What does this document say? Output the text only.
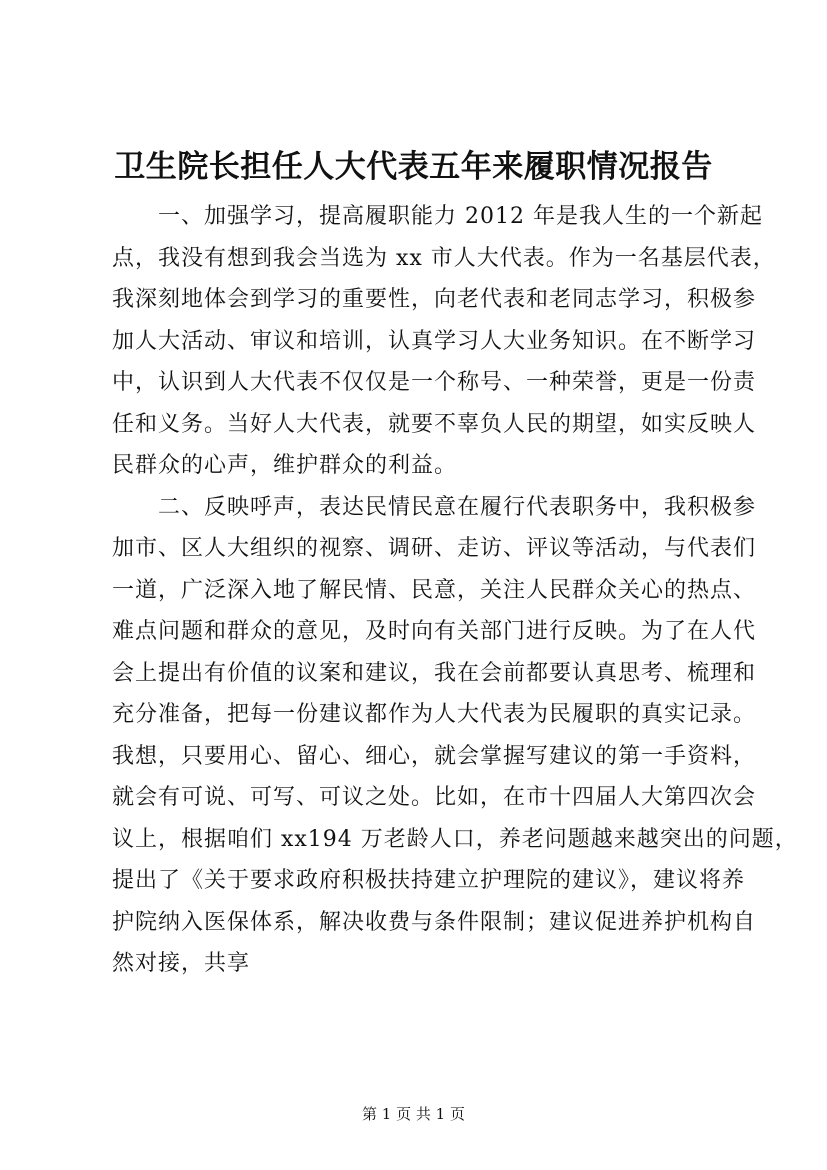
卫生院长担任人大代表五年来履职情况报告
　　一、加强学习，提高履职能力 2012 年是我人生的一个新起
点，我没有想到我会当选为 xx 市人大代表。作为一名基层代表，
我深刻地体会到学习的重要性，向老代表和老同志学习，积极参
加人大活动、审议和培训，认真学习人大业务知识。在不断学习
中，认识到人大代表不仅仅是一个称号、一种荣誉，更是一份责
任和义务。当好人大代表，就要不辜负人民的期望，如实反映人
民群众的心声，维护群众的利益。
　　二、反映呼声，表达民情民意在履行代表职务中，我积极参
加市、区人大组织的视察、调研、走访、评议等活动，与代表们
一道，广泛深入地了解民情、民意，关注人民群众关心的热点、
难点问题和群众的意见，及时向有关部门进行反映。为了在人代
会上提出有价值的议案和建议，我在会前都要认真思考、梳理和
充分准备，把每一份建议都作为人大代表为民履职的真实记录。
我想，只要用心、留心、细心，就会掌握写建议的第一手资料，
就会有可说、可写、可议之处。比如，在市十四届人大第四次会
议上，根据咱们 xx194 万老龄人口，养老问题越来越突出的问题，
提出了《关于要求政府积极扶持建立护理院的建议》，建议将养
护院纳入医保体系，解决收费与条件限制；建议促进养护机构自
然对接，共享
第 1 页 共 1 页
